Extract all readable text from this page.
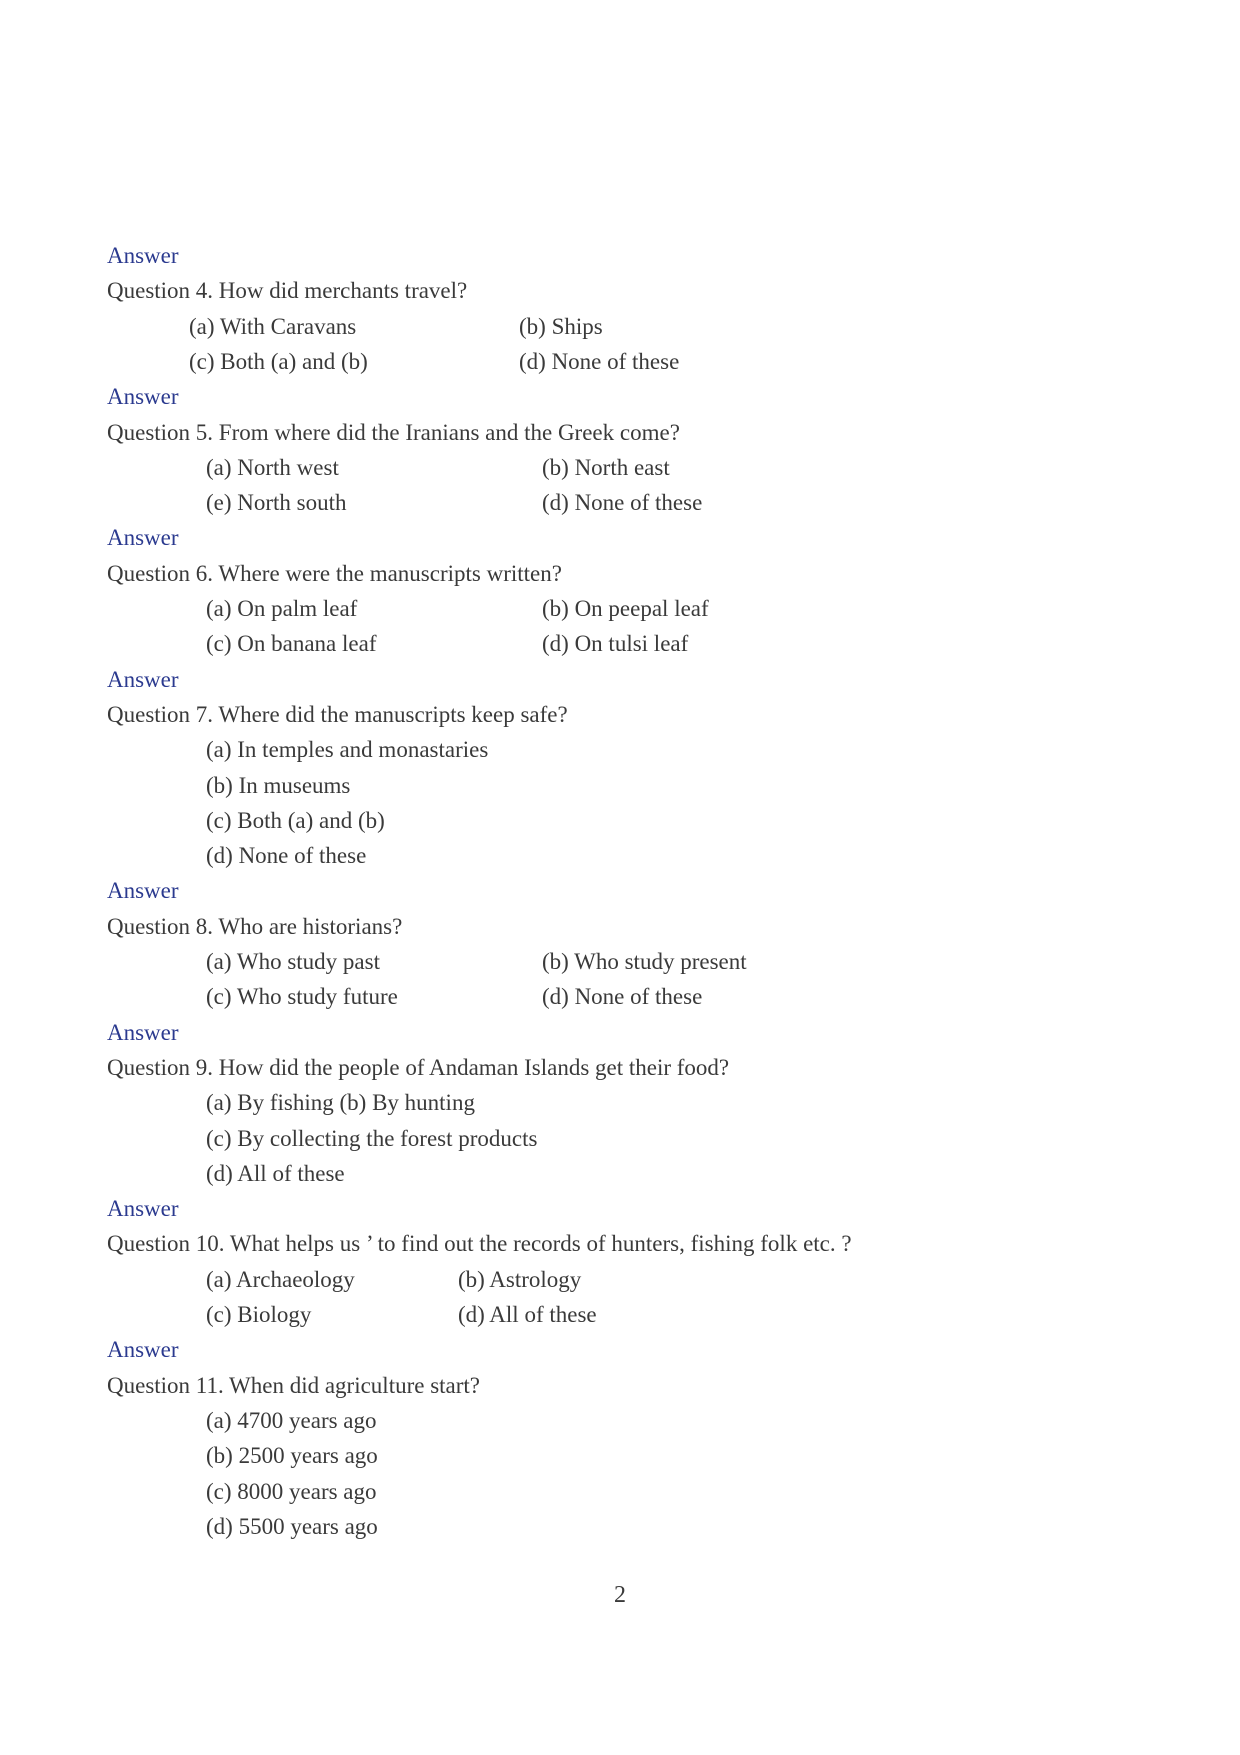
Answer
Question 4. How did merchants travel?
(a) With Caravans	(b) Ships
(c) Both (a) and (b)	(d) None of these
Answer
Question 5. From where did the Iranians and the Greek come?
(a) North west	(b) North east
(e) North south	(d) None of these
Answer
Question 6. Where were the manuscripts written?
(a) On palm leaf	(b) On peepal leaf
(c) On banana leaf	(d) On tulsi leaf
Answer
Question 7. Where did the manuscripts keep safe?
(a) In temples and monastaries
(b) In museums
(c) Both (a) and (b)
(d) None of these
Answer
Question 8. Who are historians?
(a) Who study past	(b) Who study present
(c) Who study future	(d) None of these
Answer
Question 9. How did the people of Andaman Islands get their food?
(a) By fishing (b) By hunting
(c) By collecting the forest products
(d) All of these
Answer
Question 10. What helps us ’ to find out the records of hunters, fishing folk etc. ?
(a) Archaeology	(b) Astrology
(c) Biology	(d) All of these
Answer
Question 11. When did agriculture start?
(a) 4700 years ago
(b) 2500 years ago
(c) 8000 years ago
(d) 5500 years ago
2
